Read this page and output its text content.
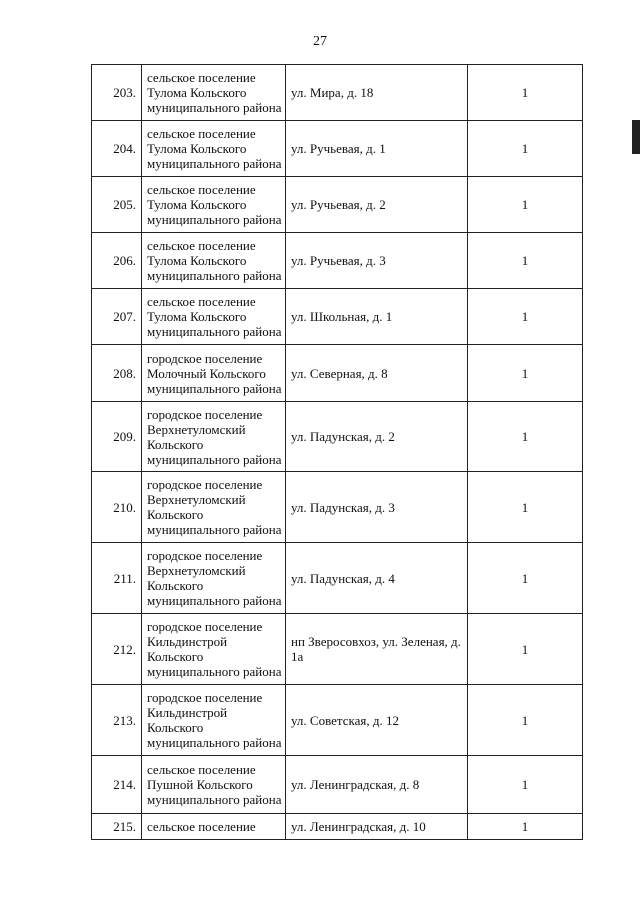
27
203.	сельское поселение
Тулома Кольского
муниципального района	ул. Мира, д. 18	1
204.	сельское поселение
Тулома Кольского
муниципального района	ул. Ручьевая, д. 1	1
205.	сельское поселение
Тулома Кольского
муниципального района	ул. Ручьевая, д. 2	1
206.	сельское поселение
Тулома Кольского
муниципального района	ул. Ручьевая, д. 3	1
207.	сельское поселение
Тулома Кольского
муниципального района	ул. Школьная, д. 1	1
208.	городское поселение
Молочный Кольского
муниципального района	ул. Северная, д. 8	1
209.	городское поселение
Верхнетуломский
Кольского
муниципального района	ул. Падунская, д. 2	1
210.	городское поселение
Верхнетуломский
Кольского
муниципального района	ул. Падунская, д. 3	1
211.	городское поселение
Верхнетуломский
Кольского
муниципального района	ул. Падунская, д. 4	1
212.	городское поселение
Кильдинстрой
Кольского
муниципального района	нп Зверосовхоз, ул. Зеленая, д. 1а	1
213.	городское поселение
Кильдинстрой
Кольского
муниципального района	ул. Советская, д. 12	1
214.	сельское поселение
Пушной Кольского
муниципального района	ул. Ленинградская, д. 8	1
215.	сельское поселение	ул. Ленинградская, д. 10	1
